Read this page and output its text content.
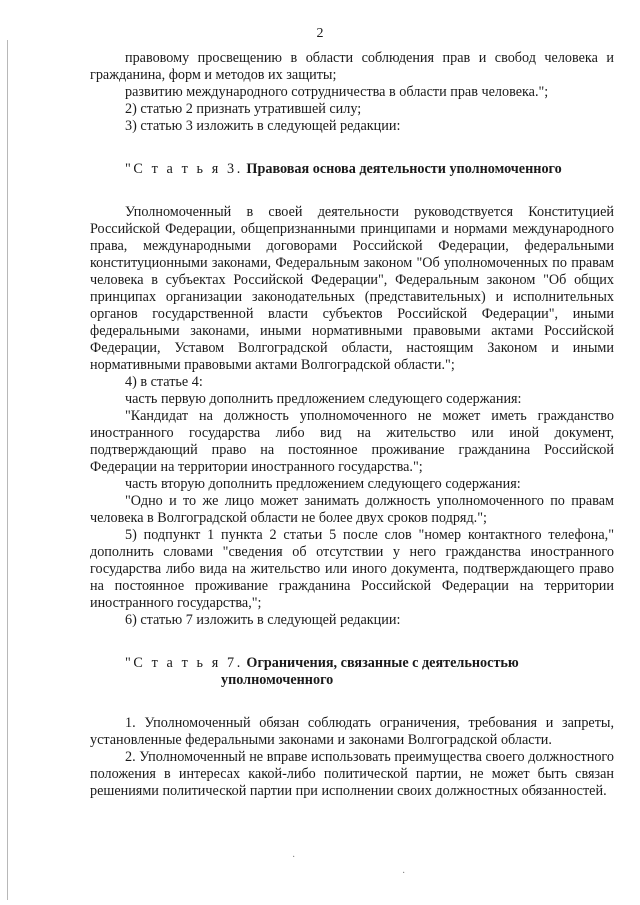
2

правовому просвещению в области соблюдения прав и свобод человека и гражданина, форм и методов их защиты;

развитию международного сотрудничества в области прав человека.";

2) статью 2 признать утратившей силу;

3) статью 3 изложить в следующей редакции:

"С т а т ь я 3. Правовая основа деятельности уполномоченного

Уполномоченный в своей деятельности руководствуется Конституцией Российской Федерации, общепризнанными принципами и нормами международного права, международными договорами Российской Федерации, федеральными конституционными законами, Федеральным законом "Об уполномоченных по правам человека в субъектах Российской Федерации", Федеральным законом "Об общих принципах организации законодательных (представительных) и исполнительных органов государственной власти субъектов Российской Федерации", иными федеральными законами, иными нормативными правовыми актами Российской Федерации, Уставом Волгоградской области, настоящим Законом и иными нормативными правовыми актами Волгоградской области.";

4) в статье 4:

часть первую дополнить предложением следующего содержания:

"Кандидат на должность уполномоченного не может иметь гражданство иностранного государства либо вид на жительство или иной документ, подтверждающий право на постоянное проживание гражданина Российской Федерации на территории иностранного государства.";

часть вторую дополнить предложением следующего содержания:

"Одно и то же лицо может занимать должность уполномоченного по правам человека в Волгоградской области не более двух сроков подряд.";

5) подпункт 1 пункта 2 статьи 5 после слов "номер контактного телефона," дополнить словами "сведения об отсутствии у него гражданства иностранного государства либо вида на жительство или иного документа, подтверждающего право на постоянное проживание гражданина Российской Федерации на территории иностранного государства,";

6) статью 7 изложить в следующей редакции:

"С т а т ь я 7. Ограничения, связанные с деятельностью
уполномоченного

1. Уполномоченный обязан соблюдать ограничения, требования и запреты, установленные федеральными законами и законами Волгоградской области.

2. Уполномоченный не вправе использовать преимущества своего должностного положения в интересах какой-либо политической партии, не может быть связан решениями политической партии при исполнении своих должностных обязанностей.

·
·
